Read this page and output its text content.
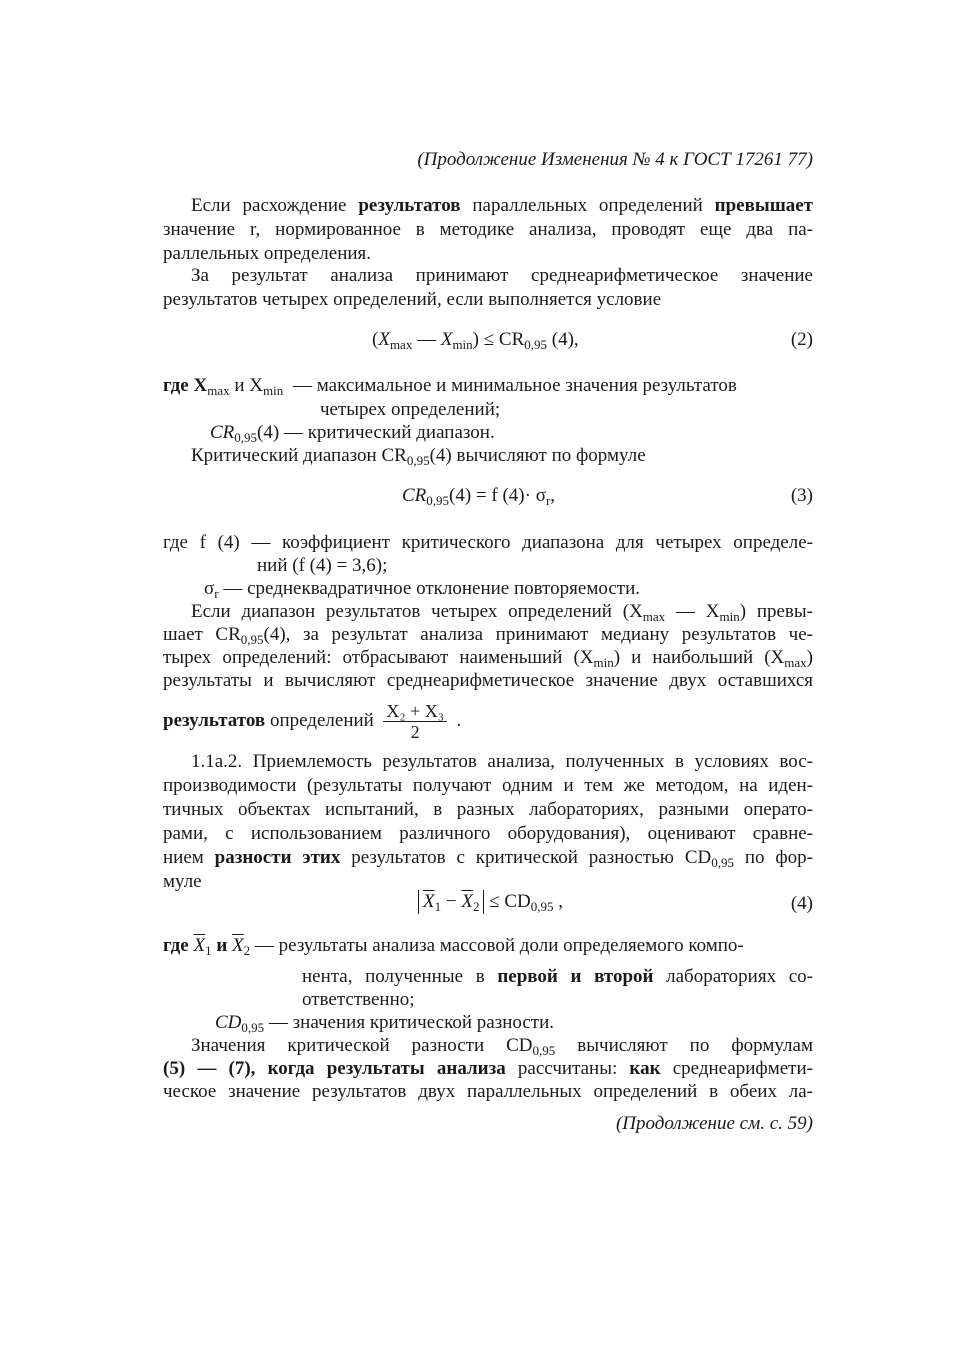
(Продолжение Изменения № 4 к ГОСТ 17261 77)
Если расхождение результатов параллельных определений превышает
значение r, нормированное в методике анализа, проводят еще два па-
раллельных определения.
За результат анализа принимают среднеарифметическое значение
результатов четырех определений, если выполняется условие
($X_{max}$ — $X_{min}) \le CR_{0,95}$ (4),	(2)
где $X_{max}$ и $X_{min}$ — максимальное и минимальное значения результатов
четырех определений;
$CR_{0,95}(4)$ — критический диапазон.
Критический диапазон $CR_{0,95}(4)$ вычисляют по формуле
$CR_{0,95}(4) = f$ $(4)\cdot \sigma_r$,	(3)
где f (4) — коэффициент критического диапазона для четырех определе-
ний (f (4) = 3,6);
$\sigma_r$ — среднеквадратичное отклонение повторяемости.
Если диапазон результатов четырех определений ($X_{max}$ — $X_{min}$) превы-
шает $CR_{0,95}(4)$, за результат анализа принимают медиану результатов че-
тырех определений: отбрасывают наименьший $(X_{min})$ и наибольший $(X_{max})$
результаты и вычисляют среднеарифметическое значение двух оставшихся
результатов определений $\frac{\text{X₂ + X₃}}{2}$ .
1.1а.2. Приемлемость результатов анализа, полученных в условиях вос-
производимости (результаты получают одним и тем же методом, на иден-
тичных объектах испытаний, в разных лабораториях, разными операто-
рами, с использованием различного оборудования), оценивают сравне-
нием разности этих результатов с критической разностью $CD_{0,95}$ по фор-
муле
$\overline{X}_1 - \overline{X}_2 \le CD_{0,95}$ ,	(4)
где $\overline{X}_1$ и $\overline{X}_2$ — результаты анализа массовой доли определяемого компо-
нента, полученные в первой и второй лабораториях со-
ответственно;
$CD_{0,95}$ — значения критической разности.
Значения критической разности $CD_{0,95}$ вычисляют по формулам
(5) — (7), когда результаты анализа рассчитаны: как среднеарифмети-
ческое значение результатов двух параллельных определений в обеих ла-
(Продолжение см. с. 59)
